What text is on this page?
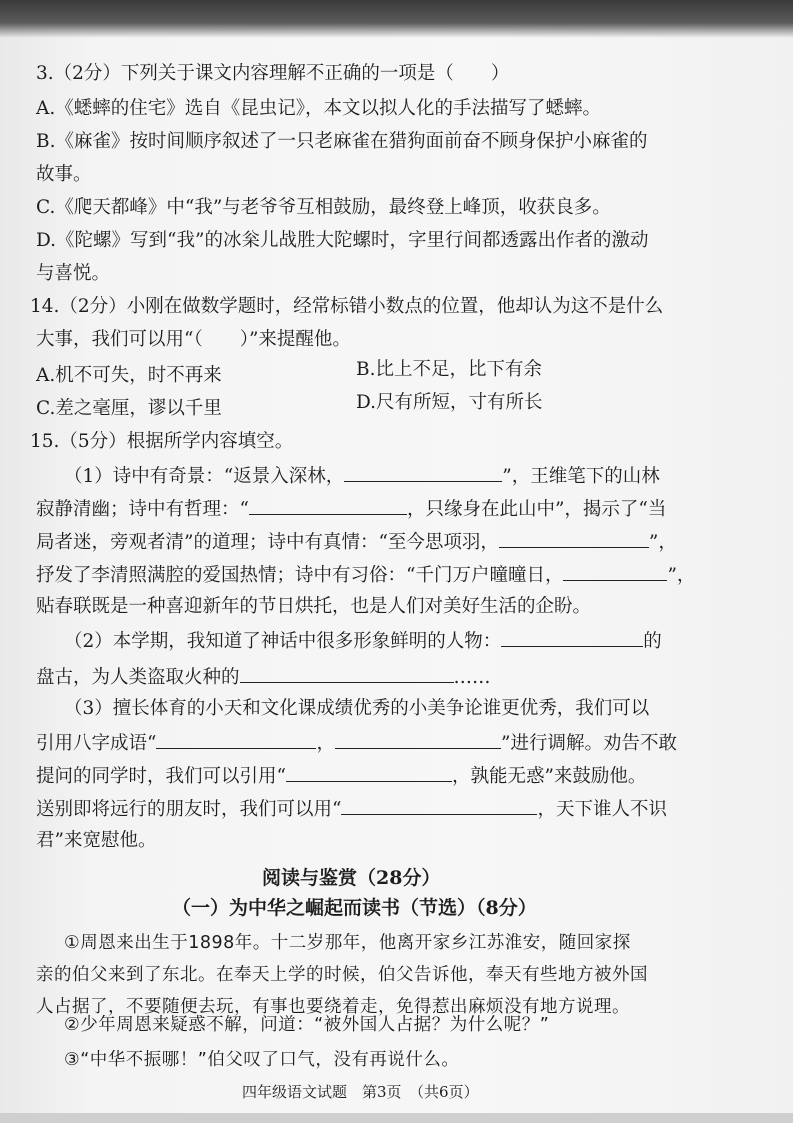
3.（2分）下列关于课文内容理解不正确的一项是（　　）
A.《蟋蟀的住宅》选自《昆虫记》，本文以拟人化的手法描写了蟋蟀。
B.《麻雀》按时间顺序叙述了一只老麻雀在猎狗面前奋不顾身保护小麻雀的
故事。
C.《爬天都峰》中“我”与老爷爷互相鼓励，最终登上峰顶，收获良多。
D.《陀螺》写到“我”的冰枀儿战胜大陀螺时，字里行间都透露出作者的激动
与喜悦。
14.（2分）小刚在做数学题时，经常标错小数点的位置，他却认为这不是什么
大事，我们可以用“（　　）”来提醒他。
A.机不可失，时不再来	B.比上不足，比下有余
C.差之毫厘，谬以千里	D.尺有所短，寸有所长
15.（5分）根据所学内容填空。
（1）诗中有奇景：“返景入深林，	”，王维笔下的山林
寂静清幽；诗中有哲理：“	，只缘身在此山中”，揭示了“当
局者迷，旁观者清”的道理；诗中有真情：“至今思项羽，	”，
抒发了李清照满腔的爱国热情；诗中有习俗：“千门万户曈曈日，	”，
贴春联既是一种喜迎新年的节日烘托，也是人们对美好生活的企盼。
（2）本学期，我知道了神话中很多形象鲜明的人物：	的
盘古，为人类盗取火种的	……
（3）擅长体育的小天和文化课成绩优秀的小美争论谁更优秀，我们可以
引用八字成语“	，	”进行调解。劝告不敢
提问的同学时，我们可以引用“	，孰能无惑”来鼓励他。
送别即将远行的朋友时，我们可以用“	，天下谁人不识
君”来宽慰他。
阅读与鉴赏（28分）
（一）为中华之崛起而读书（节选）（8分）
①周恩来出生于1898年。十二岁那年，他离开家乡江苏淮安，随回家探
亲的伯父来到了东北。在奉天上学的时候，伯父告诉他，奉天有些地方被外国
人占据了，不要随便去玩，有事也要绕着走，免得惹出麻烦没有地方说理。
②少年周恩来疑惑不解，问道：“被外国人占据？为什么呢？”
③“中华不振哪！”伯父叹了口气，没有再说什么。
四年级语文试题　第3页　（共6页）
